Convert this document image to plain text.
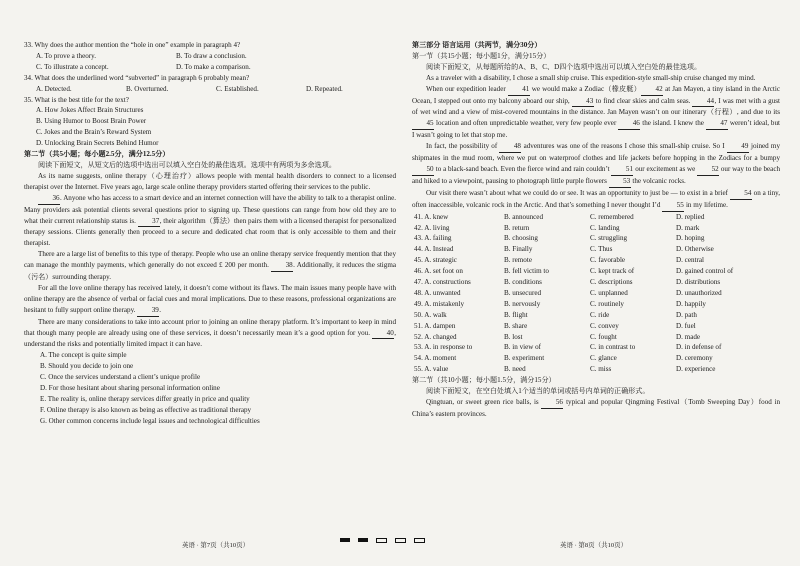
33. Why does the author mention the “hole in one” example in paragraph 4?

A. To prove a theory.	B. To draw a conclusion.
C. To illustrate a concept.	D. To make a comparison.

34. What does the underlined word “subverted” in paragraph 6 probably mean?

A. Detected.	B. Overturned.	C. Established.	D. Repeated.

35. What is the best title for the text?

A. How Jokes Affect Brain Structures

B. Using Humor to Boost Brain Power

C. Jokes and the Brain’s Reward System

D. Unlocking Brain Secrets Behind Humor

第二节（共5小题；每小题2.5分，满分12.5分）

阅读下面短文，从短文后的选项中选出可以填入空白处的最佳选项。选项中有两项为多余选项。

As its name suggests, online therapy（心理治疗）allows people with mental health disorders to connect to a licensed therapist over the Internet. Five years ago, large scale online therapy providers started offering their services to the public.

36. Anyone who has access to a smart device and an internet connection will have the ability to talk to a therapist online. Many providers ask potential clients several questions prior to signing up. These questions can range from how old they are to what their current relationship status is. 37, their algorithm（算法）then pairs them with a licensed therapist for personalized therapy sessions. Clients generally then proceed to a secure and dedicated chat room that is only accessible to them and their therapist.

There are a large list of benefits to this type of therapy. People who use an online therapy service frequently mention that they can manage the monthly payments, which generally do not exceed £ 200 per month. 38. Additionally, it reduces the stigma（污名）surrounding therapy.

For all the love online therapy has received lately, it doesn’t come without its flaws. The main issues many people have with online therapy are the absence of verbal or facial cues and moral implications. Due to these reasons, professional organizations are hesitant to fully support online therapy. 39.

There are many considerations to take into account prior to joining an online therapy platform. It’s important to keep in mind that though many people are already using one of these services, it doesn’t necessarily mean it’s a good option for you. 40, understand the risks and potentially limited impact it can have.

A. The concept is quite simple

B. Should you decide to join one

C. Once the services understand a client’s unique profile

D. For those hesitant about sharing personal information online

E. The reality is, online therapy services differ greatly in price and quality

F. Online therapy is also known as being as effective as traditional therapy

G. Other common concerns include legal issues and technological difficulties

第三部分 语言运用（共两节，满分30分）

第一节（共15小题；每小题1分，满分15分）

阅读下面短文，从每题所给的A、B、C、D四个选项中选出可以填入空白处的最佳选项。

As a traveler with a disability, I chose a small ship cruise. This expedition-style small-ship cruise changed my mind.

When our expedition leader 41 we would make a Zodiac（橡皮艇） 42 at Jan Mayen, a tiny island in the Arctic Ocean, I stepped out onto my balcony aboard our ship, 43 to find clear skies and calm seas. 44, I was met with a gust of wet wind and a view of mist-covered mountains in the distance. Jan Mayen wasn’t on our itinerary（行程）, and due to its 45 location and often unpredictable weather, very few people ever 46 the island. I knew the 47 weren’t ideal, but I wasn’t going to let that stop me.

In fact, the possibility of 48 adventures was one of the reasons I chose this small-ship cruise. So I 49 joined my shipmates in the mud room, where we put on waterproof clothes and life jackets before hopping in the Zodiacs for a bumpy 50 to a black-sand beach. Even the fierce wind and rain couldn’t 51 our excitement as we 52 our way to the beach and hiked to a viewpoint, pausing to photograph little purple flowers 53 the volcanic rocks.

Our visit there wasn’t about what we could do or see. It was an opportunity to just be — to exist in a brief 54 on a tiny, often inaccessible, volcanic rock in the Arctic. And that’s something I never thought I’d 55 in my lifetime.

41. A. knew	B. announced	C. remembered	D. replied
42. A. living	B. return	C. landing	D. mark
43. A. failing	B. choosing	C. struggling	D. hoping
44. A. Instead	B. Finally	C. Thus	D. Otherwise
45. A. strategic	B. remote	C. favorable	D. central
46. A. set foot on	B. fell victim to	C. kept track of	D. gained control of
47. A. constructions	B. conditions	C. descriptions	D. distributions
48. A. unwanted	B. unsecured	C. unplanned	D. unauthorized
49. A. mistakenly	B. nervously	C. routinely	D. happily
50. A. walk	B. flight	C. ride	D. path
51. A. dampen	B. share	C. convey	D. fuel
52. A. changed	B. lost	C. fought	D. made
53. A. in response to	B. in view of	C. in contrast to	D. in defense of
54. A. moment	B. experiment	C. glance	D. ceremony
55. A. value	B. need	C. miss	D. experience

第二节（共10小题；每小题1.5分，满分15分）

阅读下面短文，在空白处填入1个适当的单词或括号内单词的正确形式。

Qingtuan, or sweet green rice balls, is 56 typical and popular Qingming Festival（Tomb Sweeping Day）food in China’s eastern provinces.

英语 · 第7页（共10页）	英语 · 第8页（共10页）
